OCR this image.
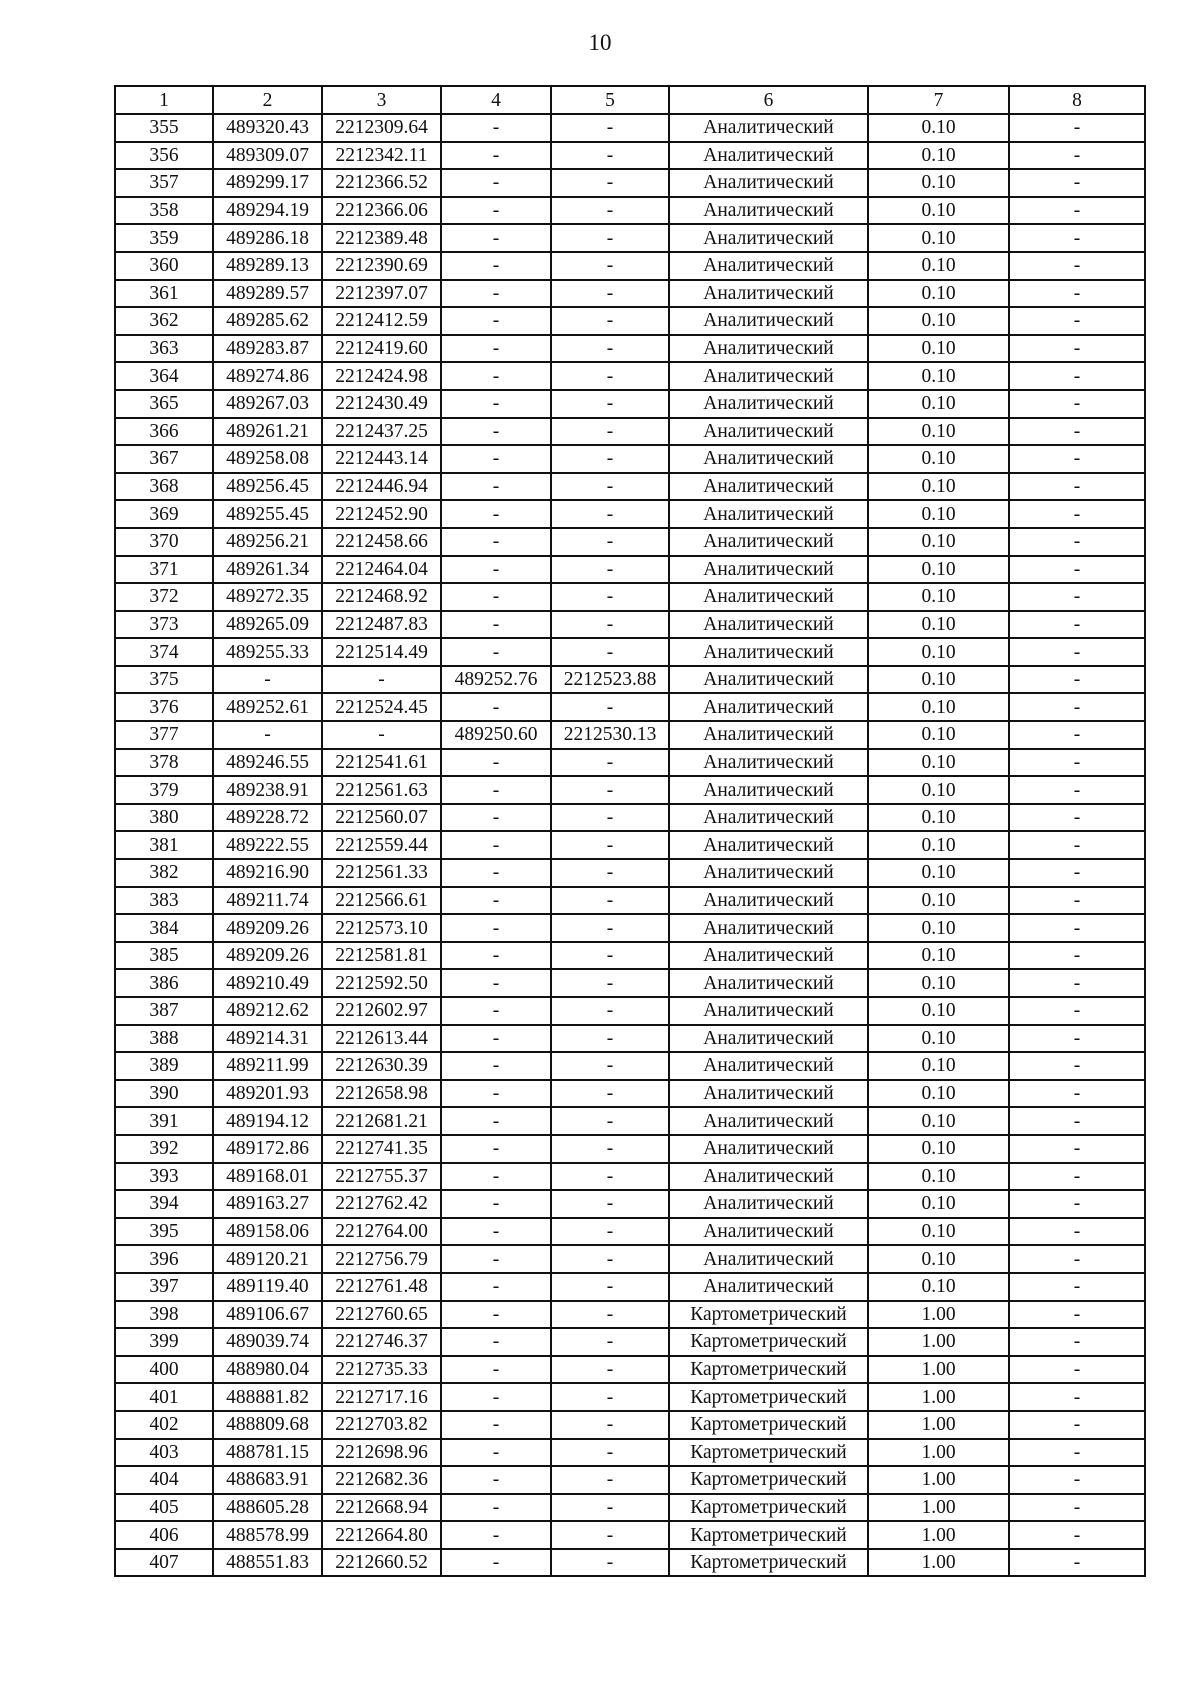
10
1	2	3	4	5	6	7	8
355	489320.43	2212309.64	-	-	Аналитический	0.10	-
356	489309.07	2212342.11	-	-	Аналитический	0.10	-
357	489299.17	2212366.52	-	-	Аналитический	0.10	-
358	489294.19	2212366.06	-	-	Аналитический	0.10	-
359	489286.18	2212389.48	-	-	Аналитический	0.10	-
360	489289.13	2212390.69	-	-	Аналитический	0.10	-
361	489289.57	2212397.07	-	-	Аналитический	0.10	-
362	489285.62	2212412.59	-	-	Аналитический	0.10	-
363	489283.87	2212419.60	-	-	Аналитический	0.10	-
364	489274.86	2212424.98	-	-	Аналитический	0.10	-
365	489267.03	2212430.49	-	-	Аналитический	0.10	-
366	489261.21	2212437.25	-	-	Аналитический	0.10	-
367	489258.08	2212443.14	-	-	Аналитический	0.10	-
368	489256.45	2212446.94	-	-	Аналитический	0.10	-
369	489255.45	2212452.90	-	-	Аналитический	0.10	-
370	489256.21	2212458.66	-	-	Аналитический	0.10	-
371	489261.34	2212464.04	-	-	Аналитический	0.10	-
372	489272.35	2212468.92	-	-	Аналитический	0.10	-
373	489265.09	2212487.83	-	-	Аналитический	0.10	-
374	489255.33	2212514.49	-	-	Аналитический	0.10	-
375	-	-	489252.76	2212523.88	Аналитический	0.10	-
376	489252.61	2212524.45	-	-	Аналитический	0.10	-
377	-	-	489250.60	2212530.13	Аналитический	0.10	-
378	489246.55	2212541.61	-	-	Аналитический	0.10	-
379	489238.91	2212561.63	-	-	Аналитический	0.10	-
380	489228.72	2212560.07	-	-	Аналитический	0.10	-
381	489222.55	2212559.44	-	-	Аналитический	0.10	-
382	489216.90	2212561.33	-	-	Аналитический	0.10	-
383	489211.74	2212566.61	-	-	Аналитический	0.10	-
384	489209.26	2212573.10	-	-	Аналитический	0.10	-
385	489209.26	2212581.81	-	-	Аналитический	0.10	-
386	489210.49	2212592.50	-	-	Аналитический	0.10	-
387	489212.62	2212602.97	-	-	Аналитический	0.10	-
388	489214.31	2212613.44	-	-	Аналитический	0.10	-
389	489211.99	2212630.39	-	-	Аналитический	0.10	-
390	489201.93	2212658.98	-	-	Аналитический	0.10	-
391	489194.12	2212681.21	-	-	Аналитический	0.10	-
392	489172.86	2212741.35	-	-	Аналитический	0.10	-
393	489168.01	2212755.37	-	-	Аналитический	0.10	-
394	489163.27	2212762.42	-	-	Аналитический	0.10	-
395	489158.06	2212764.00	-	-	Аналитический	0.10	-
396	489120.21	2212756.79	-	-	Аналитический	0.10	-
397	489119.40	2212761.48	-	-	Аналитический	0.10	-
398	489106.67	2212760.65	-	-	Картометрический	1.00	-
399	489039.74	2212746.37	-	-	Картометрический	1.00	-
400	488980.04	2212735.33	-	-	Картометрический	1.00	-
401	488881.82	2212717.16	-	-	Картометрический	1.00	-
402	488809.68	2212703.82	-	-	Картометрический	1.00	-
403	488781.15	2212698.96	-	-	Картометрический	1.00	-
404	488683.91	2212682.36	-	-	Картометрический	1.00	-
405	488605.28	2212668.94	-	-	Картометрический	1.00	-
406	488578.99	2212664.80	-	-	Картометрический	1.00	-
407	488551.83	2212660.52	-	-	Картометрический	1.00	-
